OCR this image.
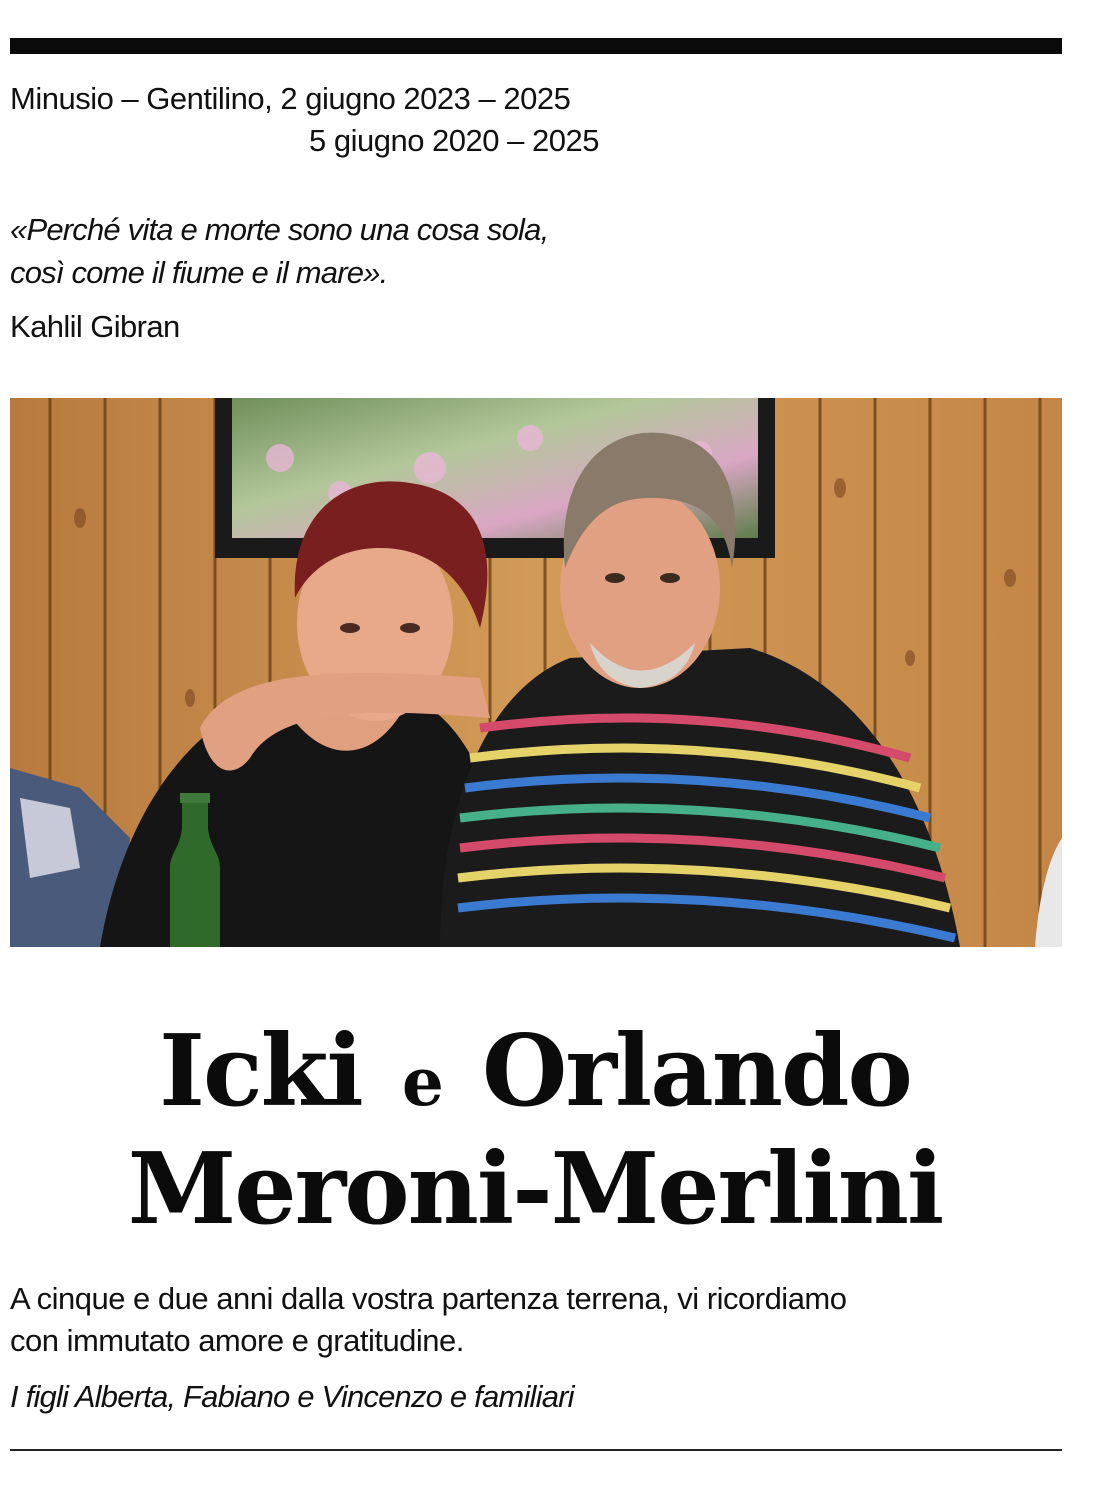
Minusio – Gentilino, 2 giugno 2023 – 2025
5 giugno 2020 – 2025
«Perché vita e morte sono una cosa sola,
così come il fiume e il mare».
Kahlil Gibran
Icki e Orlando
Meroni-Merlini
A cinque e due anni dalla vostra partenza terrena, vi ricordiamo
con immutato amore e gratitudine.
I figli Alberta, Fabiano e Vincenzo e familiari
